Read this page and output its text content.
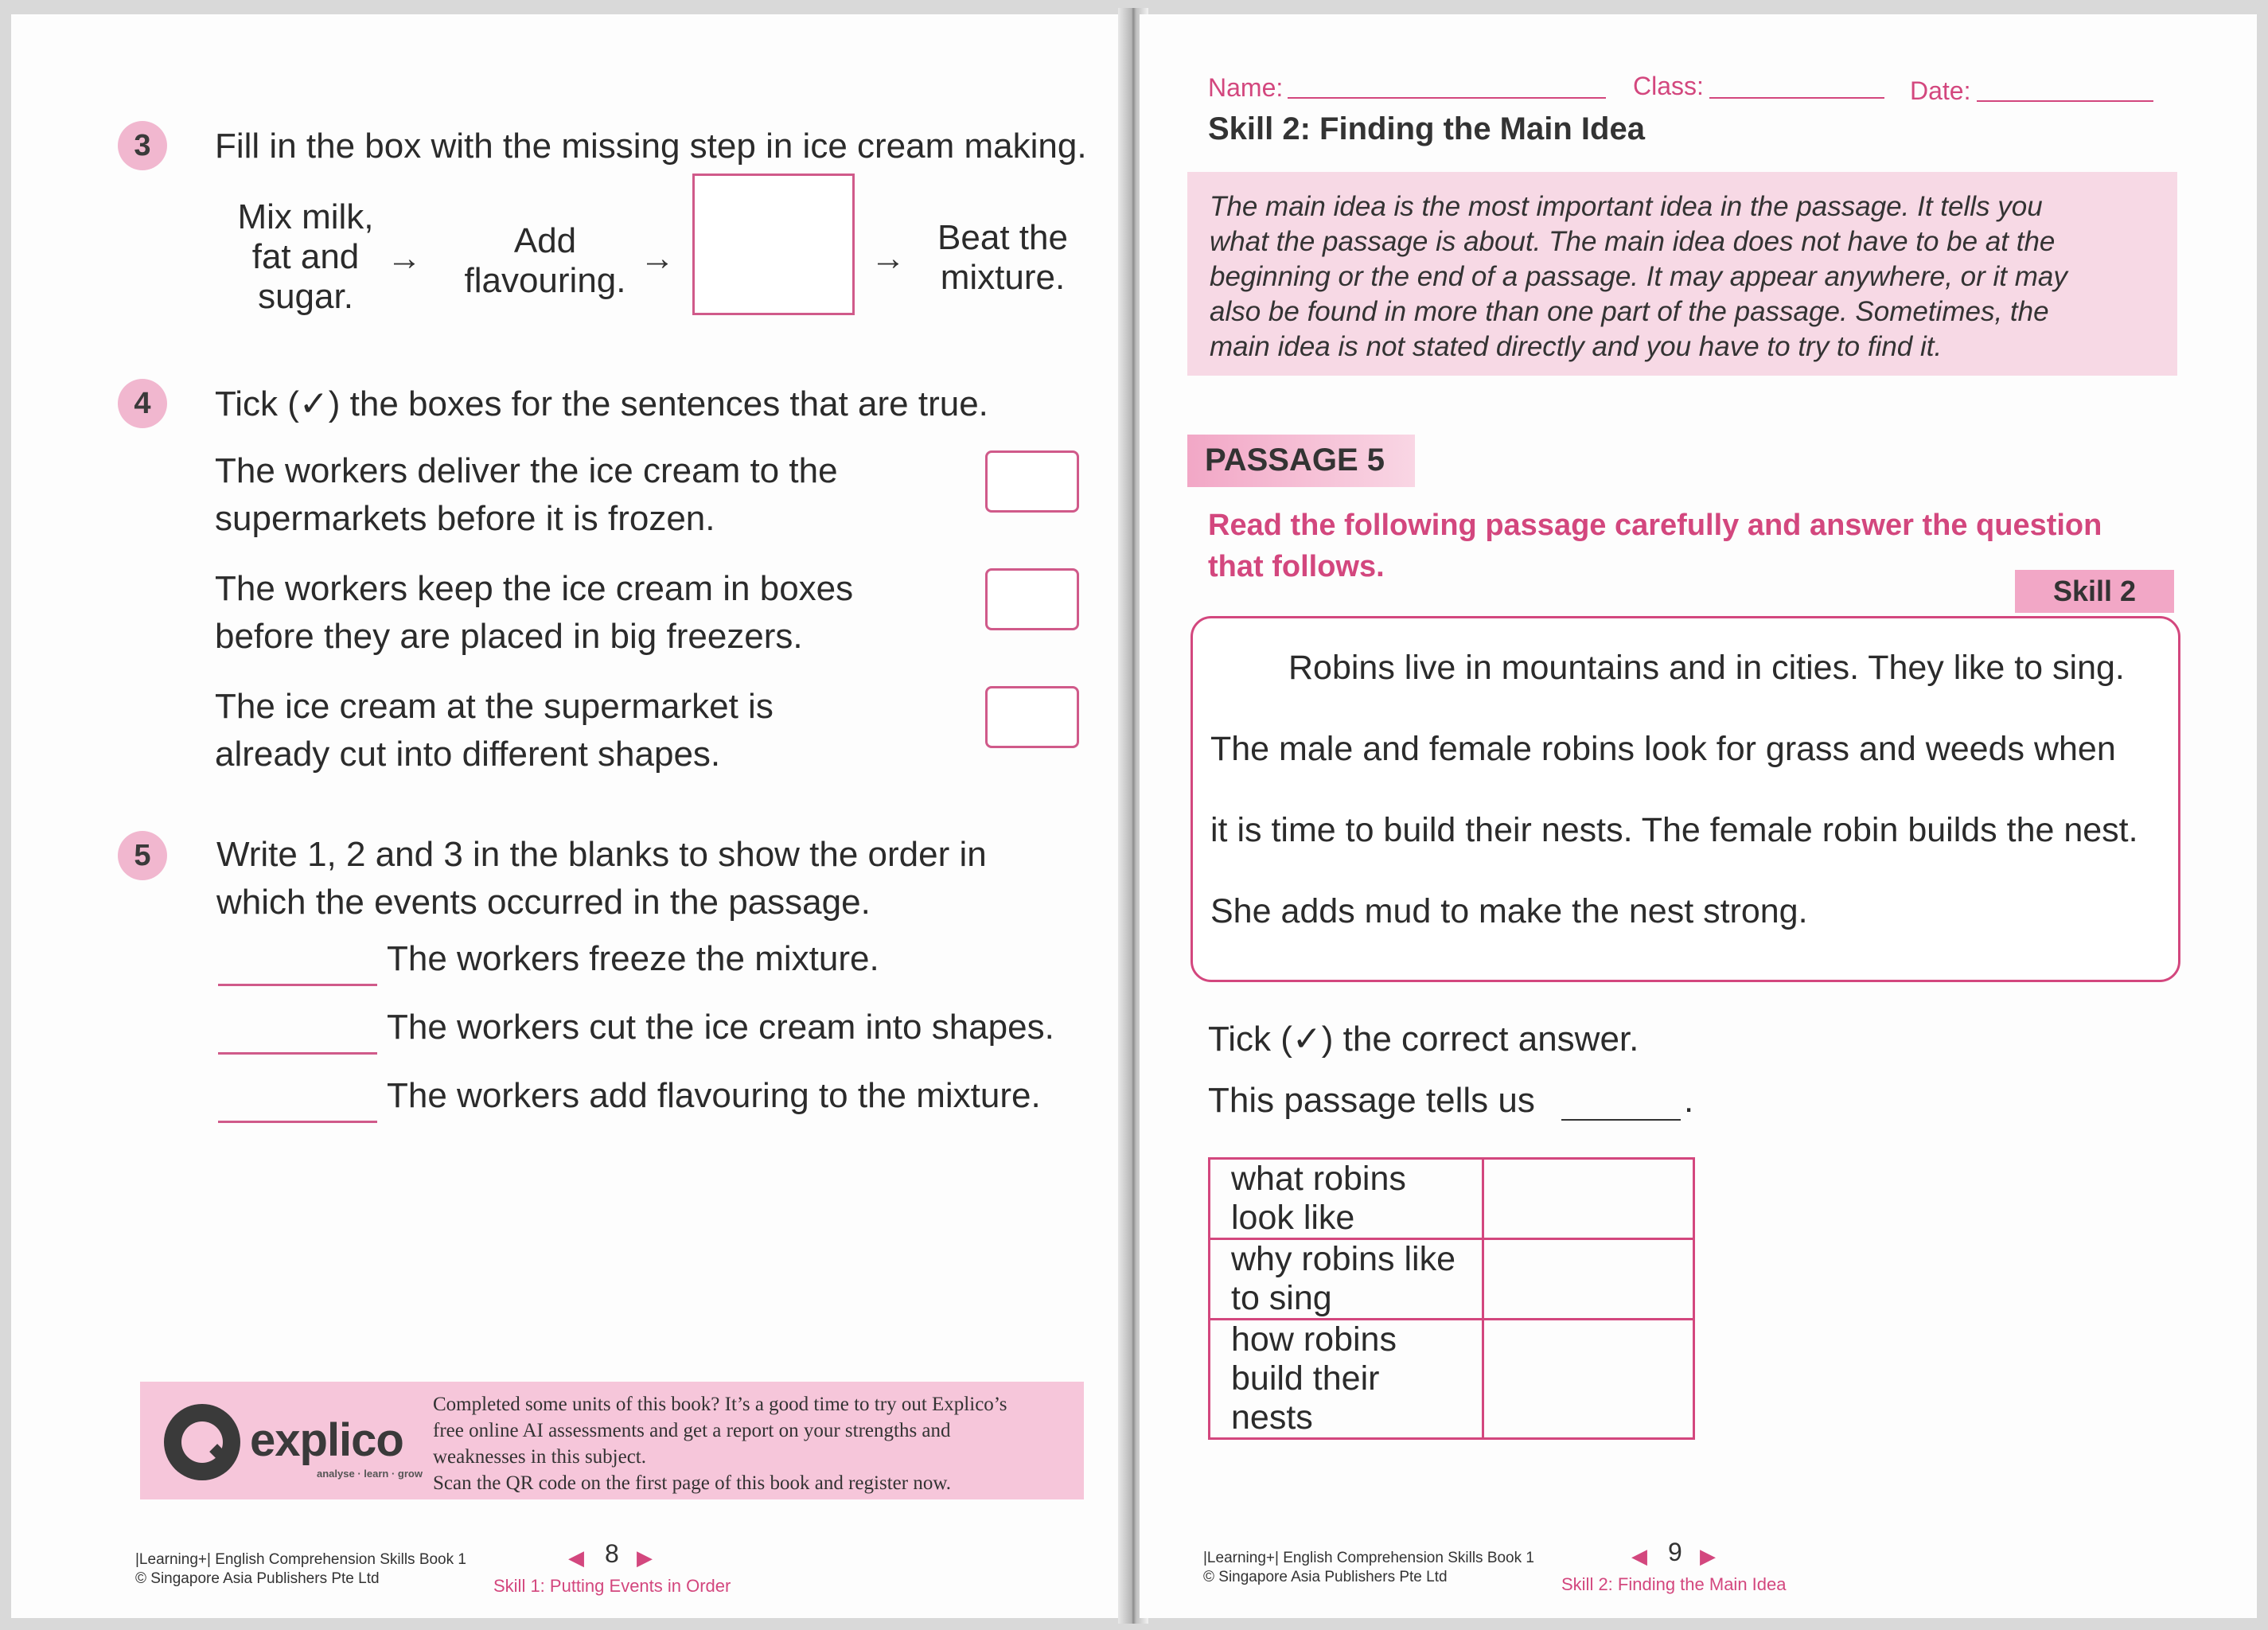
3	Fill in the box with the missing step in ice cream making.
Mix milk,
fat and
sugar.
→	Add
flavouring.
→	→
Beat the
mixture.
4	Tick (✓) the boxes for the sentences that are true.
The workers deliver the ice cream to the
supermarkets before it is frozen.
The workers keep the ice cream in boxes
before they are placed in big freezers.
The ice cream at the supermarket is
already cut into different shapes.
5	Write 1, 2 and 3 in the blanks to show the order in
which the events occurred in the passage.
The workers freeze the mixture.
The workers cut the ice cream into shapes.
The workers add flavouring to the mixture.
explico
analyse · learn · grow
Completed some units of this book? It’s a good time to try out Explico’s
free online AI assessments and get a report on your strengths and
weaknesses in this subject.
Scan the QR code on the first page of this book and register now.
|Learning+| English Comprehension Skills Book 1
© Singapore Asia Publishers Pte Ltd
◀ 8 ▶
Skill 1: Putting Events in Order
Name:	Class:	Date:
Skill 2: Finding the Main Idea
The main idea is the most important idea in the passage. It tells you
what the passage is about. The main idea does not have to be at the
beginning or the end of a passage. It may appear anywhere, or it may
also be found in more than one part of the passage. Sometimes, the
main idea is not stated directly and you have to try to find it.
PASSAGE 5
Read the following passage carefully and answer the question
that follows.
Skill 2
Robins live in mountains and in cities. They like to sing.
The male and female robins look for grass and weeds when
it is time to build their nests. The female robin builds the nest.
She adds mud to make the nest strong.
Tick (✓) the correct answer.
This passage tells us	.
what robins look like	
why robins like to sing	
how robins build their nests	
|Learning+| English Comprehension Skills Book 1
© Singapore Asia Publishers Pte Ltd
◀ 9 ▶
Skill 2: Finding the Main Idea
